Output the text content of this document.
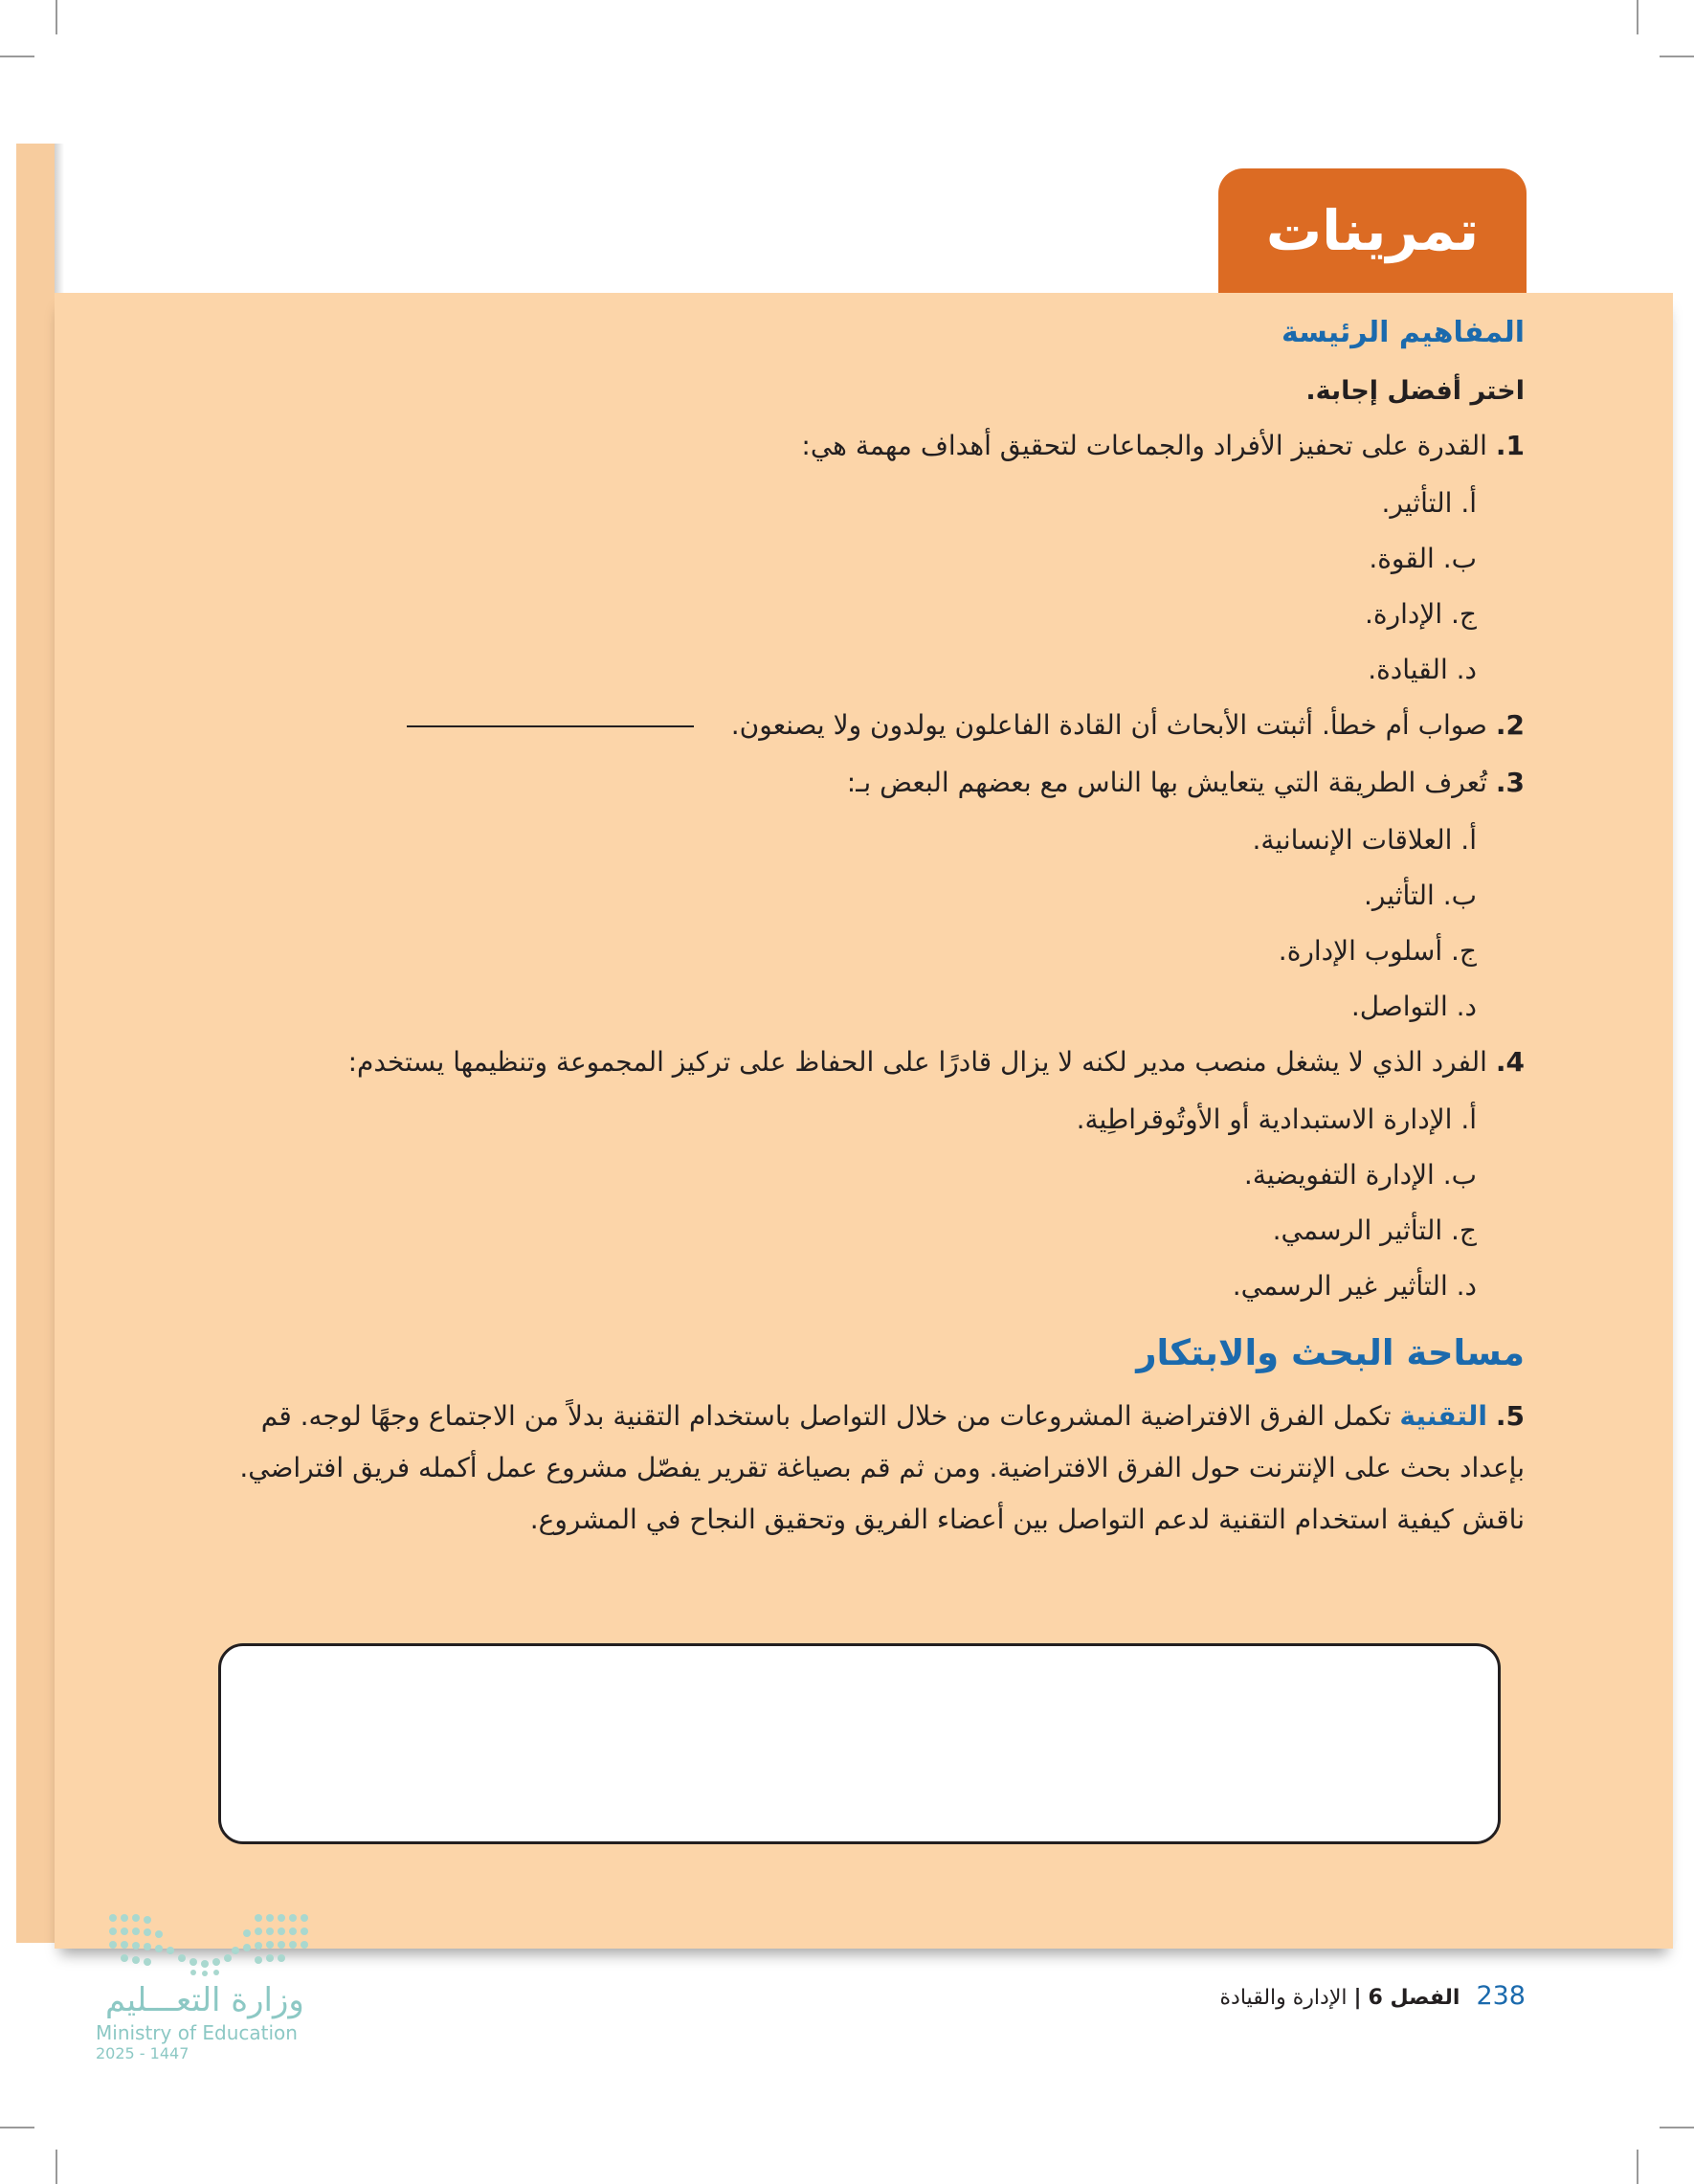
تمرينات
المفاهيم الرئيسة
اختر أفضل إجابة.
1. القدرة على تحفيز الأفراد والجماعات لتحقيق أهداف مهمة هي:
أ. التأثير.
ب. القوة.
ج. الإدارة.
د. القيادة.
2. صواب أم خطأ. أثبتت الأبحاث أن القادة الفاعلون يولدون ولا يصنعون.
3. تُعرف الطريقة التي يتعايش بها الناس مع بعضهم البعض بـ:
أ. العلاقات الإنسانية.
ب. التأثير.
ج. أسلوب الإدارة.
د. التواصل.
4. الفرد الذي لا يشغل منصب مدير لكنه لا يزال قادرًا على الحفاظ على تركيز المجموعة وتنظيمها يستخدم:
أ. الإدارة الاستبدادية أو الأوتُوقراطِية.
ب. الإدارة التفويضية.
ج. التأثير الرسمي.
د. التأثير غير الرسمي.
مساحة البحث والابتكار

5. التقنية تكمل الفرق الافتراضية المشروعات من خلال التواصل باستخدام التقنية بدلاً من الاجتماع وجهًا لوجه. قم بإعداد بحث على الإنترنت حول الفرق الافتراضية. ومن ثم قم بصياغة تقرير يفصّل مشروع عمل أكمله فريق افتراضي. ناقش كيفية استخدام التقنية لدعم التواصل بين أعضاء الفريق وتحقيق النجاح في المشروع.

238 الفصل 6 | الإدارة والقيادة
وزارة التعـــليم
Ministry of Education
2025 - 1447
